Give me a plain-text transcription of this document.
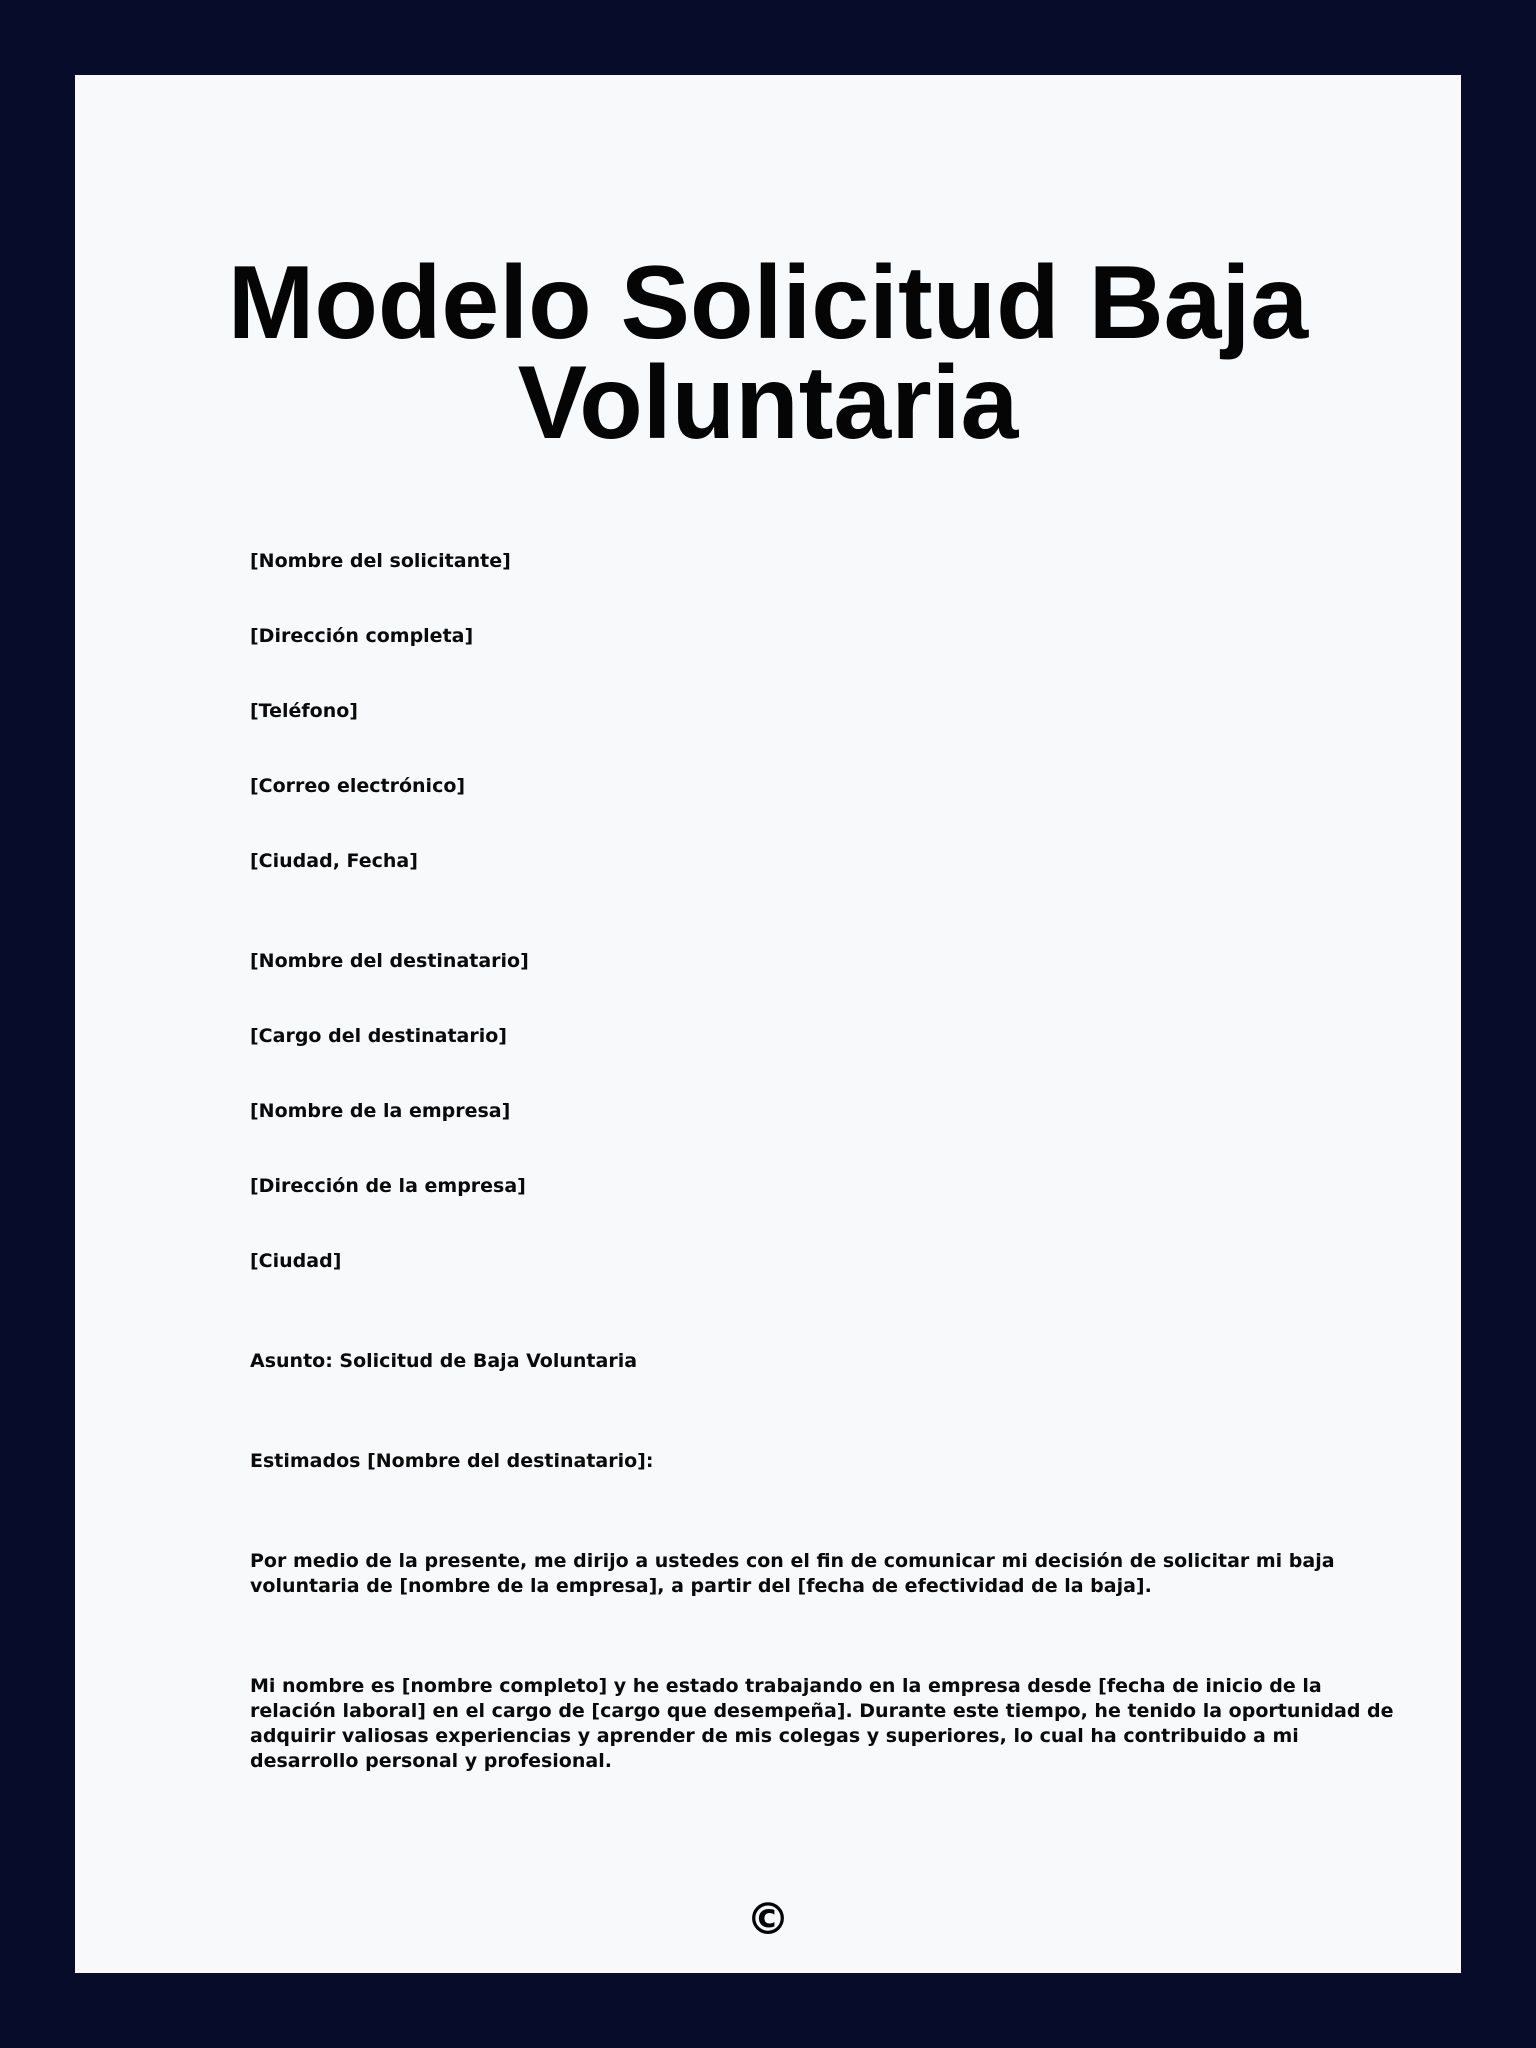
Modelo Solicitud Baja
Voluntaria
[Nombre del solicitante]
[Dirección completa]
[Teléfono]
[Correo electrónico]
[Ciudad, Fecha]
[Nombre del destinatario]
[Cargo del destinatario]
[Nombre de la empresa]
[Dirección de la empresa]
[Ciudad]
Asunto: Solicitud de Baja Voluntaria
Estimados [Nombre del destinatario]:
Por medio de la presente, me dirijo a ustedes con el fin de comunicar mi decisión de solicitar mi baja
voluntaria de [nombre de la empresa], a partir del [fecha de efectividad de la baja].
Mi nombre es [nombre completo] y he estado trabajando en la empresa desde [fecha de inicio de la
relación laboral] en el cargo de [cargo que desempeña]. Durante este tiempo, he tenido la oportunidad de
adquirir valiosas experiencias y aprender de mis colegas y superiores, lo cual ha contribuido a mi
desarrollo personal y profesional.
©
